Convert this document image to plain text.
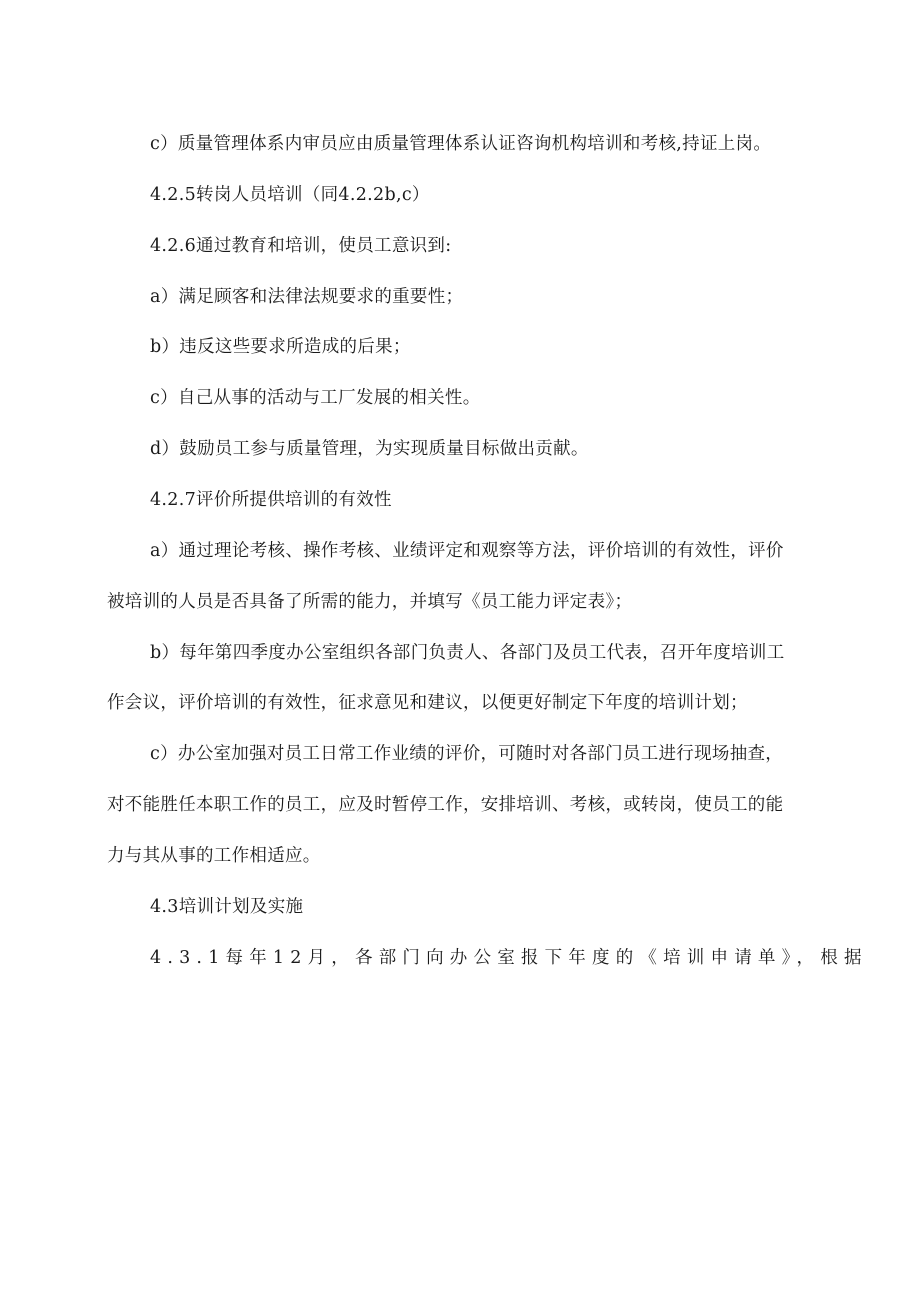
c）质量管理体系内审员应由质量管理体系认证咨询机构培训和考核,持证上岗。
4.2.5转岗人员培训（同4.2.2b,c）
4.2.6通过教育和培训，使员工意识到:
a）满足顾客和法律法规要求的重要性；
b）违反这些要求所造成的后果；
c）自己从事的活动与工厂发展的相关性。
d）鼓励员工参与质量管理，为实现质量目标做出贡献。
4.2.7评价所提供培训的有效性
a）通过理论考核、操作考核、业绩评定和观察等方法，评价培训的有效性，评价
被培训的人员是否具备了所需的能力，并填写《员工能力评定表》；
b）每年第四季度办公室组织各部门负责人、各部门及员工代表，召开年度培训工
作会议，评价培训的有效性，征求意见和建议，以便更好制定下年度的培训计划；
c）办公室加强对员工日常工作业绩的评价，可随时对各部门员工进行现场抽查，
对不能胜任本职工作的员工，应及时暂停工作，安排培训、考核，或转岗，使员工的能
力与其从事的工作相适应。
4.3培训计划及实施
4.3.1每年12月，各部门向办公室报下年度的《培训申请单》，根据
